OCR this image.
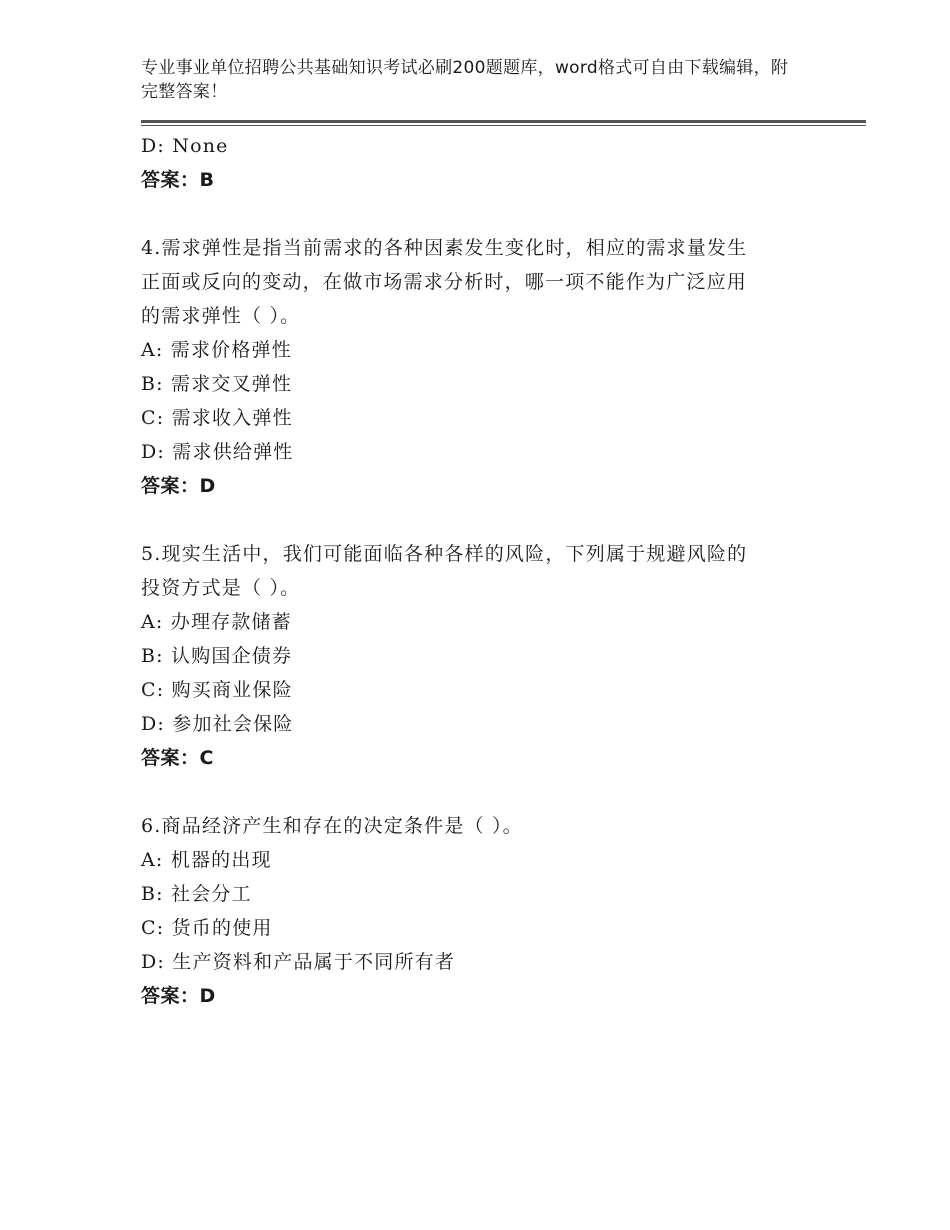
专业事业单位招聘公共基础知识考试必刷200题题库，word格式可自由下载编辑，附完整答案！
D: None
答案：B
4.需求弹性是指当前需求的各种因素发生变化时，相应的需求量发生
正面或反向的变动，在做市场需求分析时，哪一项不能作为广泛应用
的需求弹性（ ）。
A: 需求价格弹性
B: 需求交叉弹性
C: 需求收入弹性
D: 需求供给弹性
答案：D
5.现实生活中，我们可能面临各种各样的风险，下列属于规避风险的
投资方式是（ ）。
A: 办理存款储蓄
B: 认购国企债券
C: 购买商业保险
D: 参加社会保险
答案：C
6.商品经济产生和存在的决定条件是（ ）。
A: 机器的出现
B: 社会分工
C: 货币的使用
D: 生产资料和产品属于不同所有者
答案：D
